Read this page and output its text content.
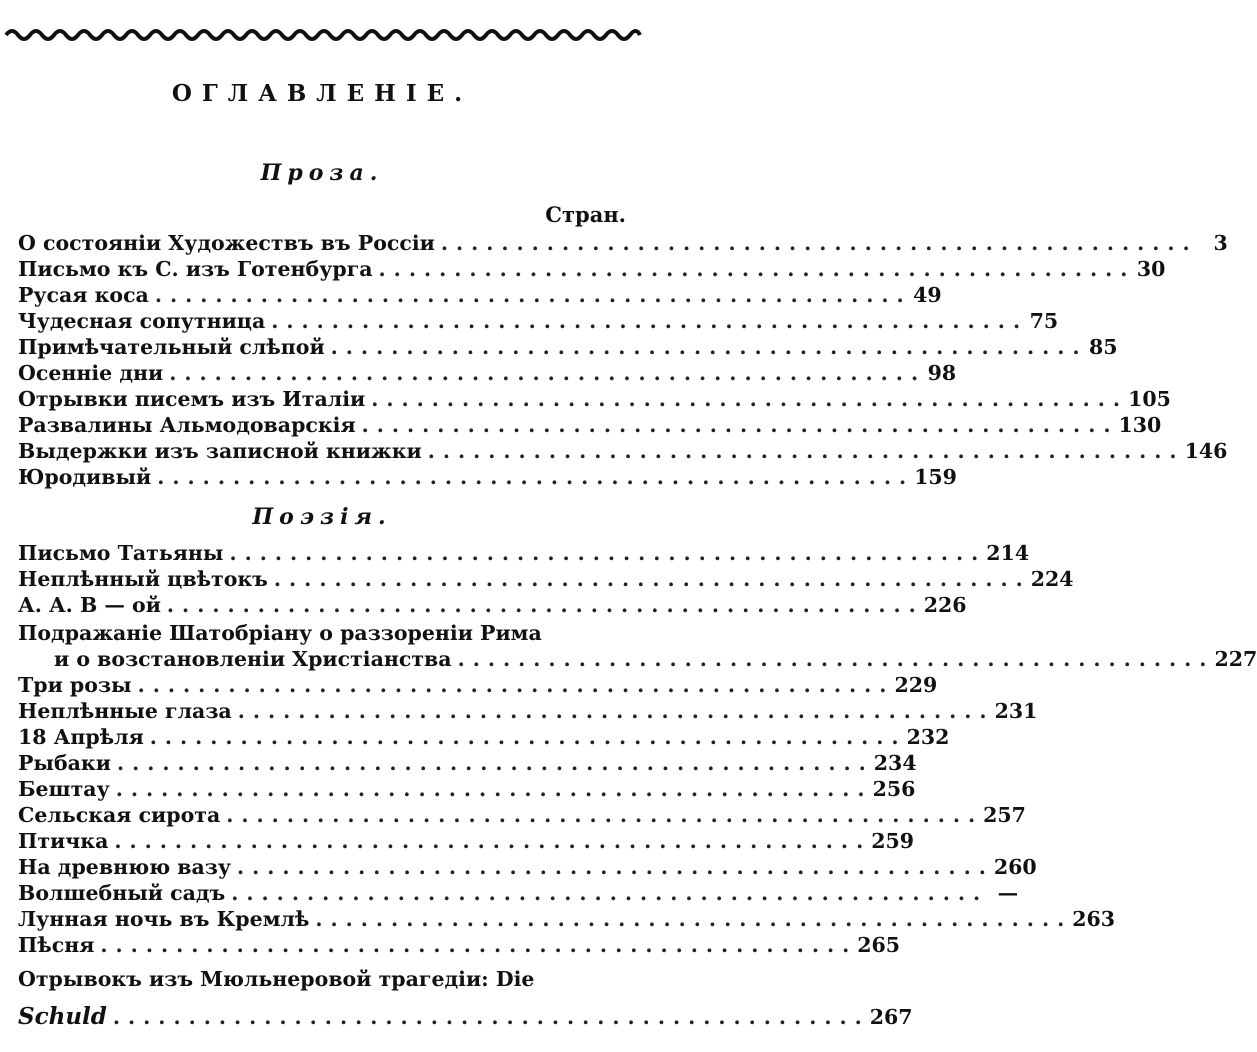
ОГЛАВЛЕНІЕ.
Проза.
Стран.
О состояніи Художествъ въ Россіи .................................................. 3
Письмо къ С. изъ Готенбурга .................................................. 30
Русая коса .................................................. 49
Чудесная сопутница .................................................. 75
Примѣчательный слѣпой .................................................. 85
Осенніе дни .................................................. 98
Отрывки писемъ изъ Италіи .................................................. 105
Развалины Альмодоварскія .................................................. 130
Выдержки изъ записной книжки .................................................. 146
Юродивый .................................................. 159
Поэзія.
Письмо Татьяны .................................................. 214
Неплѣнный цвѣтокъ .................................................. 224
А. А. В — ой .................................................. 226
Подражаніе Шатобріану о раззореніи Рима
и о возстановленіи Христіанства .................................................. 227
Три розы .................................................. 229
Неплѣнные глаза .................................................. 231
18 Апрѣля .................................................. 232
Рыбаки .................................................. 234
Бештау .................................................. 256
Сельская сирота .................................................. 257
Птичка .................................................. 259
На древнюю вазу .................................................. 260
Волшебный садъ .................................................. —
Лунная ночь въ Кремлѣ .................................................. 263
Пѣсня .................................................. 265
Отрывокъ изъ Мюльнеровой трагедіи: Die
Schuld .................................................. 267
